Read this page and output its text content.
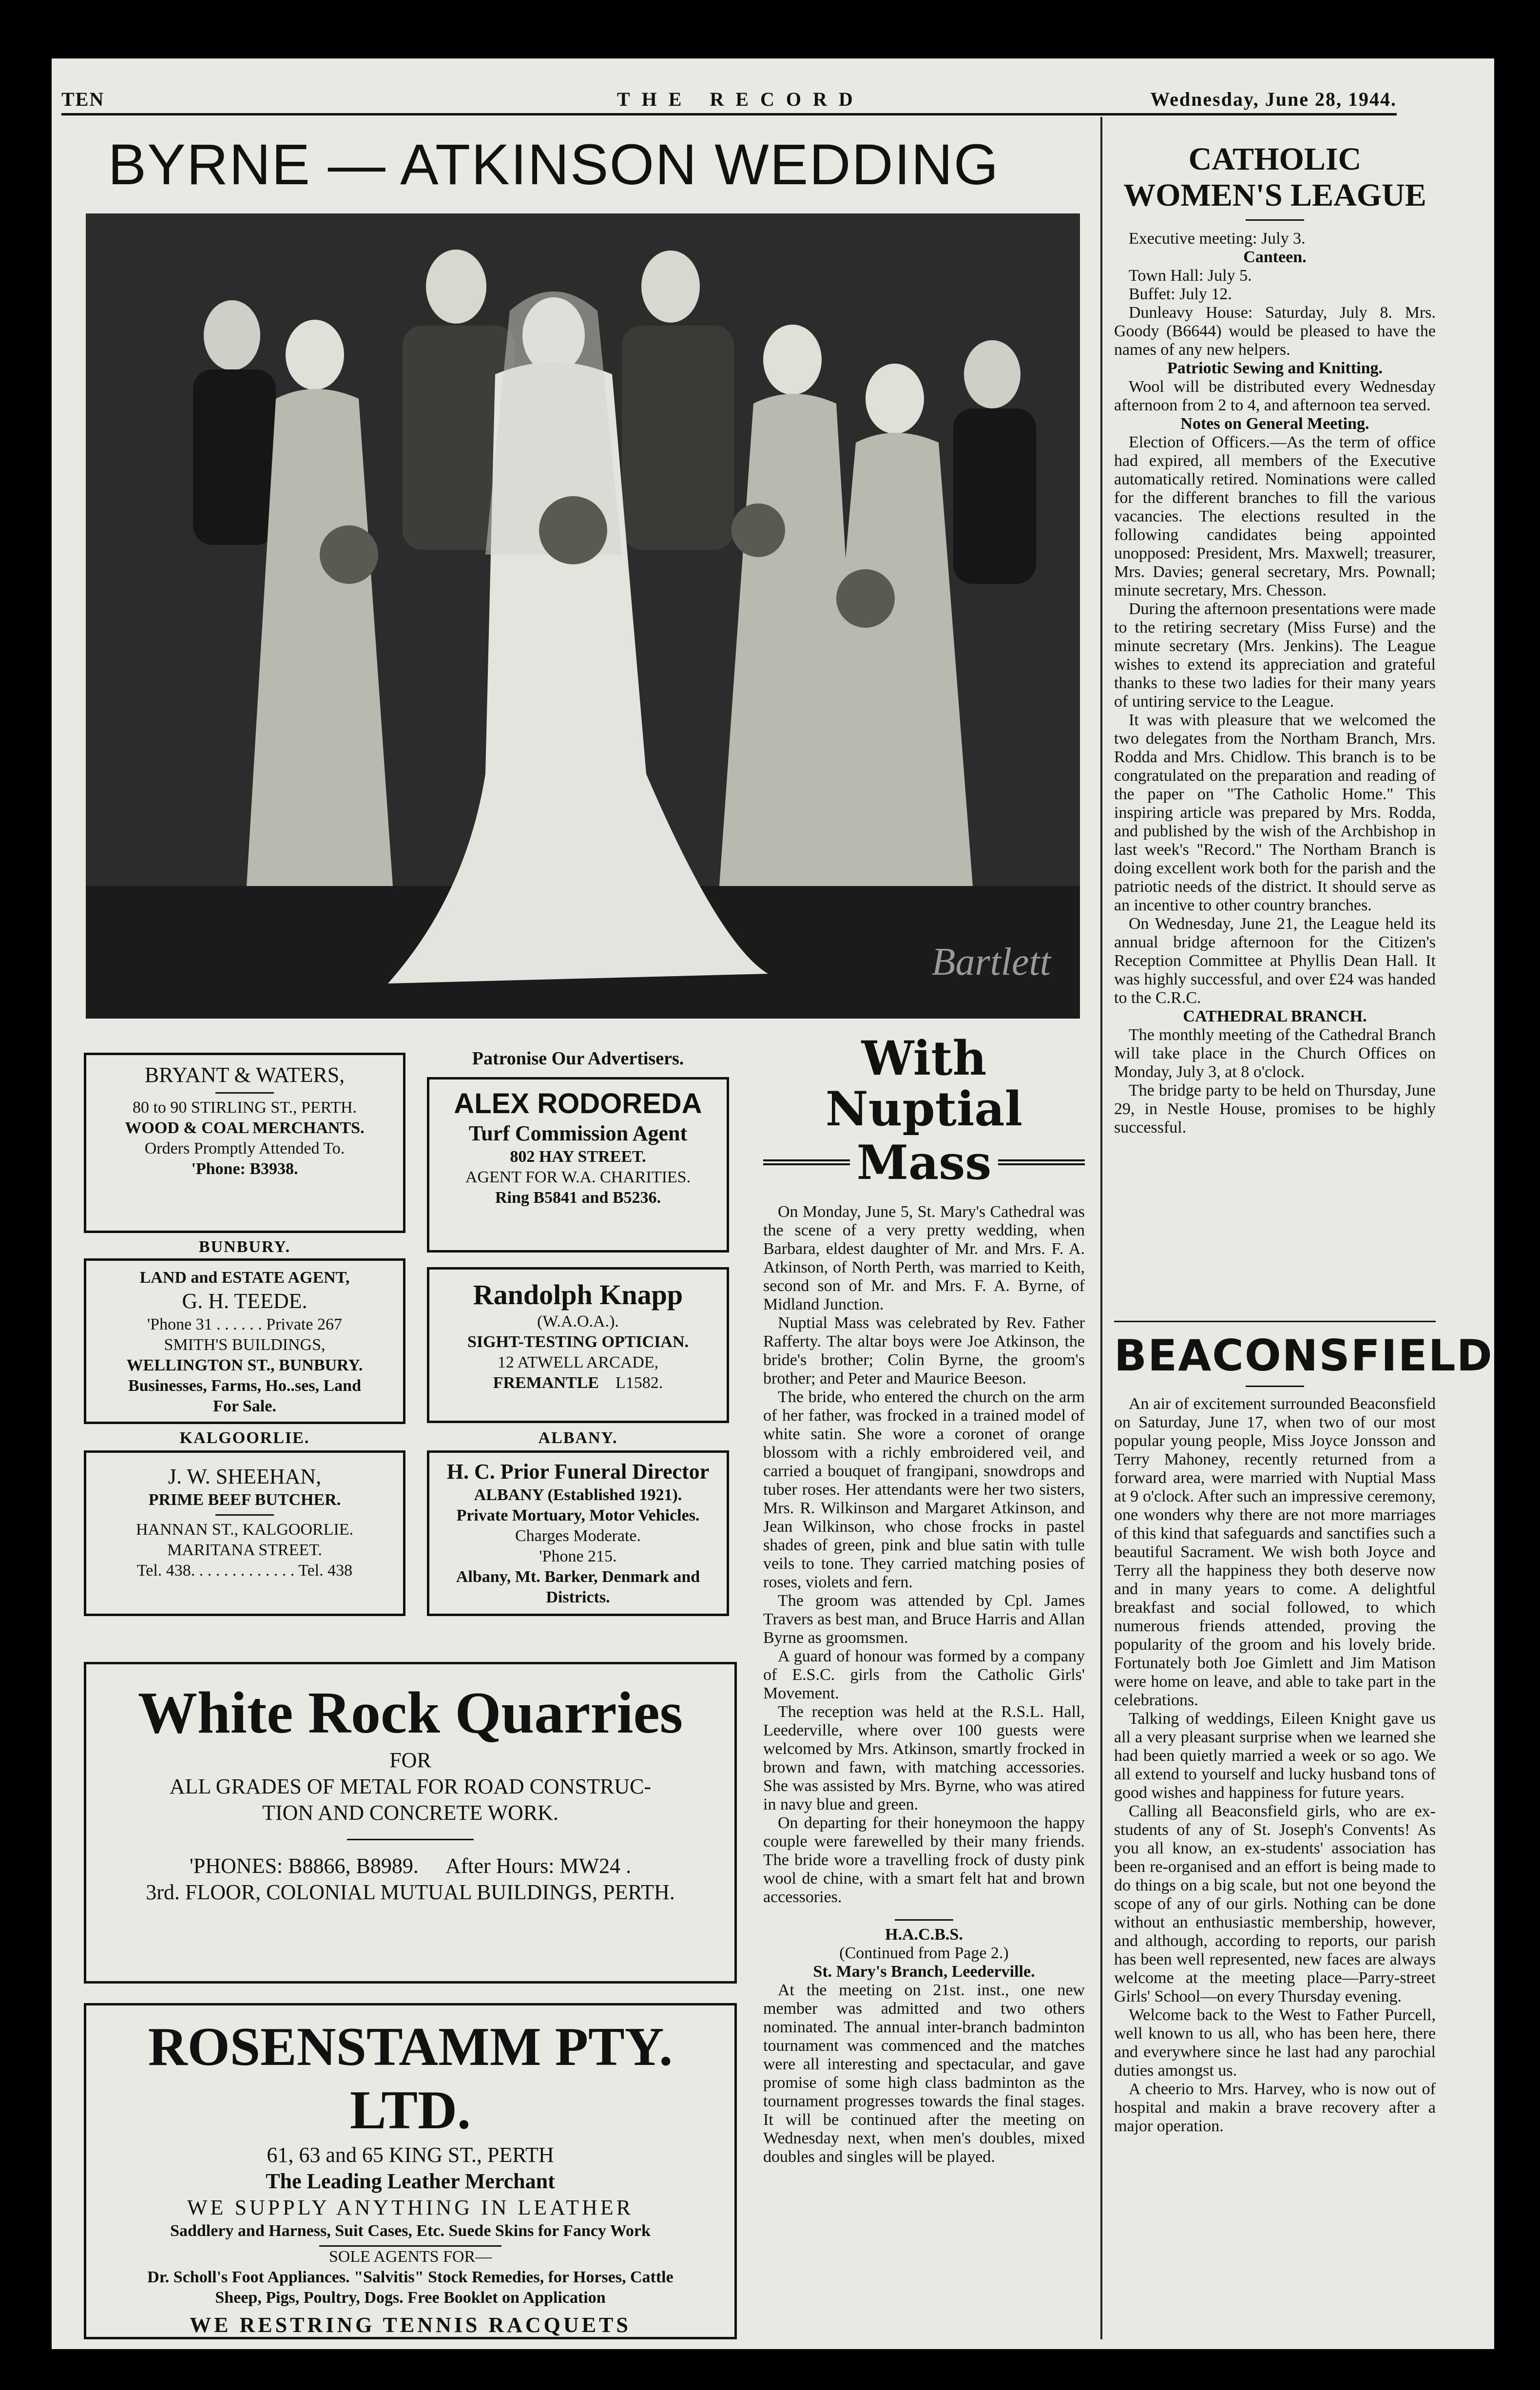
TEN	THE RECORD	Wednesday, June 28, 1944.
BYRNE — ATKINSON WEDDING
Bartlett
BRYANT & WATERS,
80 to 90 STIRLING ST., PERTH.
WOOD & COAL MERCHANTS.
Orders Promptly Attended To.
'Phone: B3938.
BUNBURY.
LAND and ESTATE AGENT,
G. H. TEEDE.
'Phone 31 . . . . . . Private 267
SMITH'S BUILDINGS,
WELLINGTON ST., BUNBURY.
Businesses, Farms, Ho..ses, Land
For Sale.
KALGOORLIE.
J. W. SHEEHAN,
PRIME BEEF BUTCHER.
HANNAN ST., KALGOORLIE.
MARITANA STREET.
Tel. 438. . . . . . . . . . . . . Tel. 438
Patronise Our Advertisers.
ALEX RODOREDA
Turf Commission Agent
802 HAY STREET.
AGENT FOR W.A. CHARITIES.
Ring B5841 and B5236.
Randolph Knapp
(W.A.O.A.).
SIGHT-TESTING OPTICIAN.
12 ATWELL ARCADE,
FREMANTLE L1582.
ALBANY.
H. C. Prior Funeral Director
ALBANY (Established 1921).
Private Mortuary, Motor Vehicles.
Charges Moderate.
'Phone 215.
Albany, Mt. Barker, Denmark and
Districts.
White Rock Quarries
FOR
ALL GRADES OF METAL FOR ROAD CONSTRUC-
TION AND CONCRETE WORK.
'PHONES: B8866, B8989. After Hours: MW24 .
3rd. FLOOR, COLONIAL MUTUAL BUILDINGS, PERTH.
ROSENSTAMM PTY. LTD.
61, 63 and 65 KING ST., PERTH
The Leading Leather Merchant
WE SUPPLY ANYTHING IN LEATHER
Saddlery and Harness, Suit Cases, Etc. Suede Skins for Fancy Work
SOLE AGENTS FOR—
Dr. Scholl's Foot Appliances. "Salvitis" Stock Remedies, for Horses, Cattle
Sheep, Pigs, Poultry, Dogs. Free Booklet on Application
WE RESTRING TENNIS RACQUETS
With Nuptial
Mass

On Monday, June 5, St. Mary's Cathedral was the scene of a very pretty wedding, when Barbara, eldest daughter of Mr. and Mrs. F. A. Atkinson, of North Perth, was married to Keith, second son of Mr. and Mrs. F. A. Byrne, of Midland Junction.

Nuptial Mass was celebrated by Rev. Father Rafferty. The altar boys were Joe Atkinson, the bride's brother; Colin Byrne, the groom's brother; and Peter and Maurice Beeson.

The bride, who entered the church on the arm of her father, was frocked in a trained model of white satin. She wore a coronet of orange blossom with a richly embroidered veil, and carried a bouquet of frangipani, snowdrops and tuber roses. Her attendants were her two sisters, Mrs. R. Wilkinson and Margaret Atkinson, and Jean Wilkinson, who chose frocks in pastel shades of green, pink and blue satin with tulle veils to tone. They carried matching posies of roses, violets and fern.

The groom was attended by Cpl. James Travers as best man, and Bruce Harris and Allan Byrne as groomsmen.

A guard of honour was formed by a company of E.S.C. girls from the Catholic Girls' Movement.

The reception was held at the R.S.L. Hall, Leederville, where over 100 guests were welcomed by Mrs. Atkinson, smartly frocked in brown and fawn, with matching accessories. She was assisted by Mrs. Byrne, who was atired in navy blue and green.

On departing for their honeymoon the happy couple were farewelled by their many friends. The bride wore a travelling frock of dusty pink wool de chine, with a smart felt hat and brown accessories.

H.A.C.B.S.

(Continued from Page 2.)

St. Mary's Branch, Leederville.

At the meeting on 21st. inst., one new member was admitted and two others nominated. The annual inter-branch badminton tournament was commenced and the matches were all interesting and spectacular, and gave promise of some high class badminton as the tournament progresses towards the final stages. It will be continued after the meeting on Wednesday next, when men's doubles, mixed doubles and singles will be played.

CATHOLIC
WOMEN'S LEAGUE

Executive meeting: July 3.

Canteen.

Town Hall: July 5.

Buffet: July 12.

Dunleavy House: Saturday, July 8. Mrs. Goody (B6644) would be pleased to have the names of any new helpers.

Patriotic Sewing and Knitting.

Wool will be distributed every Wednesday afternoon from 2 to 4, and afternoon tea served.

Notes on General Meeting.

Election of Officers.—As the term of office had expired, all members of the Executive automatically retired. Nominations were called for the different branches to fill the various vacancies. The elections resulted in the following candidates being appointed unopposed: President, Mrs. Maxwell; treasurer, Mrs. Davies; general secretary, Mrs. Pownall; minute secretary, Mrs. Chesson.

During the afternoon presentations were made to the retiring secretary (Miss Furse) and the minute secretary (Mrs. Jenkins). The League wishes to extend its appreciation and grateful thanks to these two ladies for their many years of untiring service to the League.

It was with pleasure that we welcomed the two delegates from the Northam Branch, Mrs. Rodda and Mrs. Chidlow. This branch is to be congratulated on the preparation and reading of the paper on "The Catholic Home." This inspiring article was prepared by Mrs. Rodda, and published by the wish of the Archbishop in last week's "Record." The Northam Branch is doing excellent work both for the parish and the patriotic needs of the district. It should serve as an incentive to other country branches.

On Wednesday, June 21, the League held its annual bridge afternoon for the Citizen's Reception Committee at Phyllis Dean Hall. It was highly successful, and over £24 was handed to the C.R.C.

CATHEDRAL BRANCH.

The monthly meeting of the Cathedral Branch will take place in the Church Offices on Monday, July 3, at 8 o'clock.

The bridge party to be held on Thursday, June 29, in Nestle House, promises to be highly successful.

BEACONSFIELD

An air of excitement surrounded Beaconsfield on Saturday, June 17, when two of our most popular young people, Miss Joyce Jonsson and Terry Mahoney, recently returned from a forward area, were married with Nuptial Mass at 9 o'clock. After such an impressive ceremony, one wonders why there are not more marriages of this kind that safeguards and sanctifies such a beautiful Sacrament. We wish both Joyce and Terry all the happiness they both deserve now and in many years to come. A delightful breakfast and social followed, to which numerous friends attended, proving the popularity of the groom and his lovely bride. Fortunately both Joe Gimlett and Jim Matison were home on leave, and able to take part in the celebrations.

Talking of weddings, Eileen Knight gave us all a very pleasant surprise when we learned she had been quietly married a week or so ago. We all extend to yourself and lucky husband tons of good wishes and happiness for future years.

Calling all Beaconsfield girls, who are ex-students of any of St. Joseph's Convents! As you all know, an ex-students' association has been re-organised and an effort is being made to do things on a big scale, but not one beyond the scope of any of our girls. Nothing can be done without an enthusiastic membership, however, and although, according to reports, our parish has been well represented, new faces are always welcome at the meeting place—Parry-street Girls' School—on every Thursday evening.

Welcome back to the West to Father Purcell, well known to us all, who has been here, there and everywhere since he last had any parochial duties amongst us.

A cheerio to Mrs. Harvey, who is now out of hospital and makin a brave recovery after a major operation.
